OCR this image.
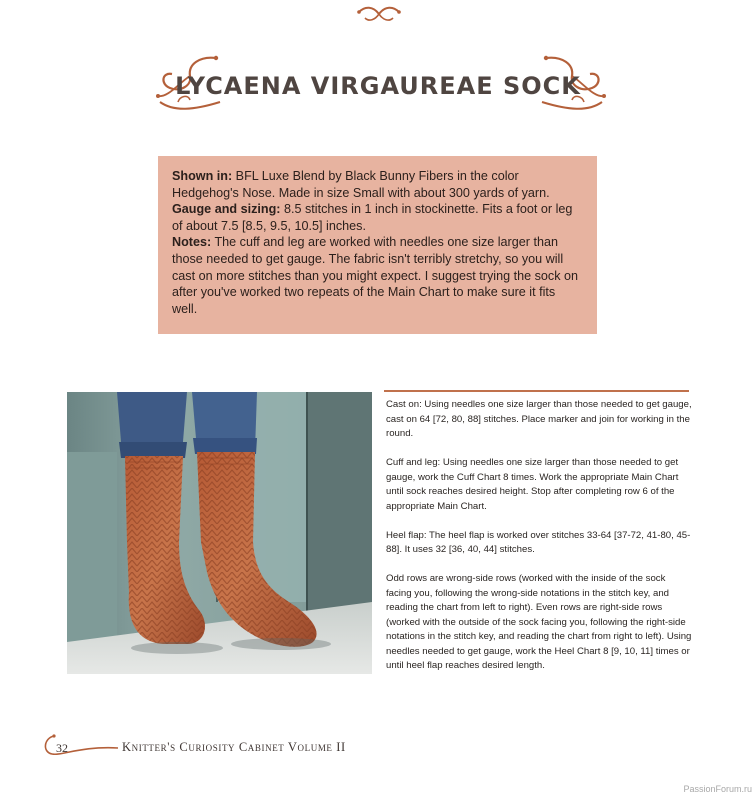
LYCAENA VIRGAUREAE SOCK

Shown in: BFL Luxe Blend by Black Bunny Fibers in the color Hedgehog's Nose. Made in size Small with about 300 yards of yarn.

Gauge and sizing: 8.5 stitches in 1 inch in stockinette. Fits a foot or leg of about 7.5 [8.5, 9.5, 10.5] inches.

Notes: The cuff and leg are worked with needles one size larger than those needed to get gauge. The fabric isn't terribly stretchy, so you will cast on more stitches than you might expect. I suggest trying the sock on after you've worked two repeats of the Main Chart to make sure it fits well.

Cast on: Using needles one size larger than those needed to get gauge, cast on 64 [72, 80, 88] stitches. Place marker and join for working in the round.

Cuff and leg: Using needles one size larger than those needed to get gauge, work the Cuff Chart 8 times. Work the appropriate Main Chart until sock reaches desired height. Stop after completing row 6 of the appropriate Main Chart.

Heel flap: The heel flap is worked over stitches 33-64 [37-72, 41-80, 45-88]. It uses 32 [36, 40, 44] stitches.

Odd rows are wrong-side rows (worked with the inside of the sock facing you, following the wrong-side notations in the stitch key, and reading the chart from left to right). Even rows are right-side rows (worked with the outside of the sock facing you, following the right-side notations in the stitch key, and reading the chart from right to left). Using needles needed to get gauge, work the Heel Chart 8 [9, 10, 11] times or until heel flap reaches desired length.

32	Knitter's Curiosity Cabinet Volume II
PassionForum.ru
